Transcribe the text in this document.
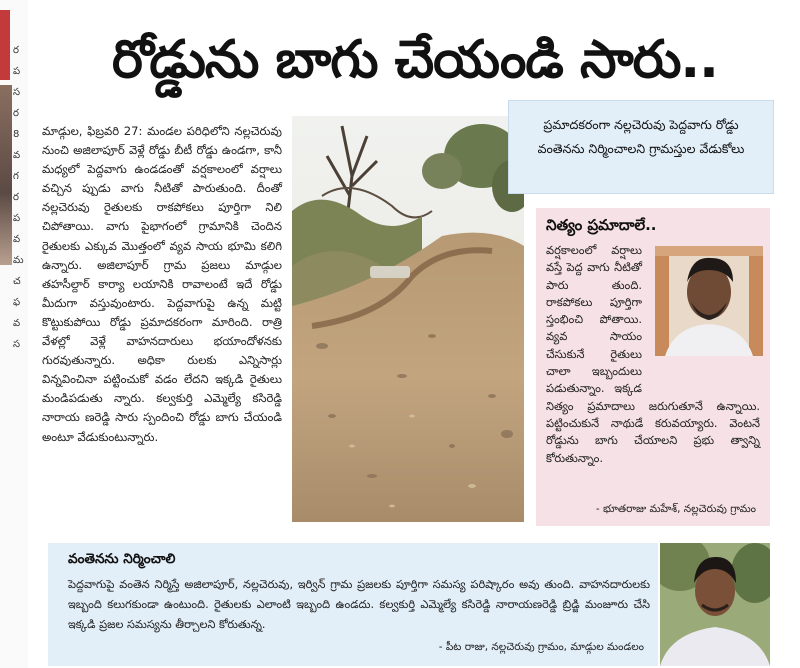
ర
ప
స
ర
8
వ
గ
ర
ప
వ
మ
చ
ఫ
వ
స
రోడ్డును బాగు చేయండి సారు..
మాడ్గుల, ఫిబ్రవరి 27: మండల పరిధిలోని నల్లచెరువు నుంచి అజిలాపూర్ వెళ్లే రోడ్డు బీటీ రోడ్డు ఉండగా, కానీ మధ్యలో పెద్దవాగు ఉండడంతో వర్షకాలంలో వర్షాలు వచ్చిన ప్పుడు వాగు నీటితో పారుతుంది. దీంతో నల్లచెరువు రైతులకు రాకపోకలు పూర్తిగా నిలి చిపోతాయి. వాగు పైభాగంలో గ్రామానికి చెందిన రైతులకు ఎక్కువ మొత్తంలో వ్యవ సాయ భూమి కలిగి ఉన్నారు. అజిలాపూర్ గ్రామ ప్రజలు మాడ్గుల తహసీల్దార్ కార్యా లయానికి రావాలంటే ఇదే రోడ్డు మీదుగా వస్తువుంటారు. పెద్దవాగుపై ఉన్న మట్టి కొట్టుకుపోయి రోడ్డు ప్రమాదకరంగా మారింది. రాత్రి వేళల్లో వెళ్లే వాహనదారులు భయాందోళనకు గురవుతున్నారు. అధికా రులకు ఎన్నిసార్లు విన్నవించినా పట్టించుకో వడం లేదని ఇక్కడి రైతులు మండిపడుతు న్నారు. కల్వకుర్తి ఎమ్మెల్యే కసిరెడ్డి నారాయ ణరెడ్డి సారు స్పందించి రోడ్డు బాగు చేయండి అంటూ వేడుకుంటున్నారు.
ప్రమాదకరంగా నల్లచెరువు పెద్దవాగు రోడ్డు వంతెనను నిర్మించాలని గ్రామస్తుల వేడుకోలు
నిత్యం ప్రమాదాలే..
వర్షకాలంలో వర్షాలు వస్తే పెద్ద వాగు నీటితో పారు తుంది. రాకపోకలు పూర్తిగా స్తంభించి పోతాయి. వ్యవ సాయం చేసుకునే రైతులు చాలా ఇబ్బందులు పడుతున్నాం. ఇక్కడ నిత్యం ప్రమాదాలు జరుగుతూనే ఉన్నాయి. పట్టించుకునే నాథుడే కరువయ్యారు. వెంటనే రోడ్డును బాగు చేయాలని ప్రభు త్వాన్ని కోరుతున్నాం.
- భూతరాజు మహేశ్, నల్లచెరువు గ్రామం
వంతెనను నిర్మించాలి
పెద్దవాగుపై వంతెన నిర్మిస్తే అజిలాపూర్, నల్లచెరువు, ఇర్విన్ గ్రామ ప్రజలకు పూర్తిగా సమస్య పరిష్కారం అవు తుంది. వాహనదారులకు ఇబ్బంది కలుగకుండా ఉంటుంది. రైతులకు ఎలాంటి ఇబ్బంది ఉండదు. కల్వకుర్తి ఎమ్మెల్యే కసిరెడ్డి నారాయణరెడ్డి బ్రిడ్జి మంజూరు చేసి ఇక్కడి ప్రజల సమస్యను తీర్చాలని కోరుతున్న.
- పీట రాజు, నల్లచెరువు గ్రామం, మాడ్గుల మండలం
